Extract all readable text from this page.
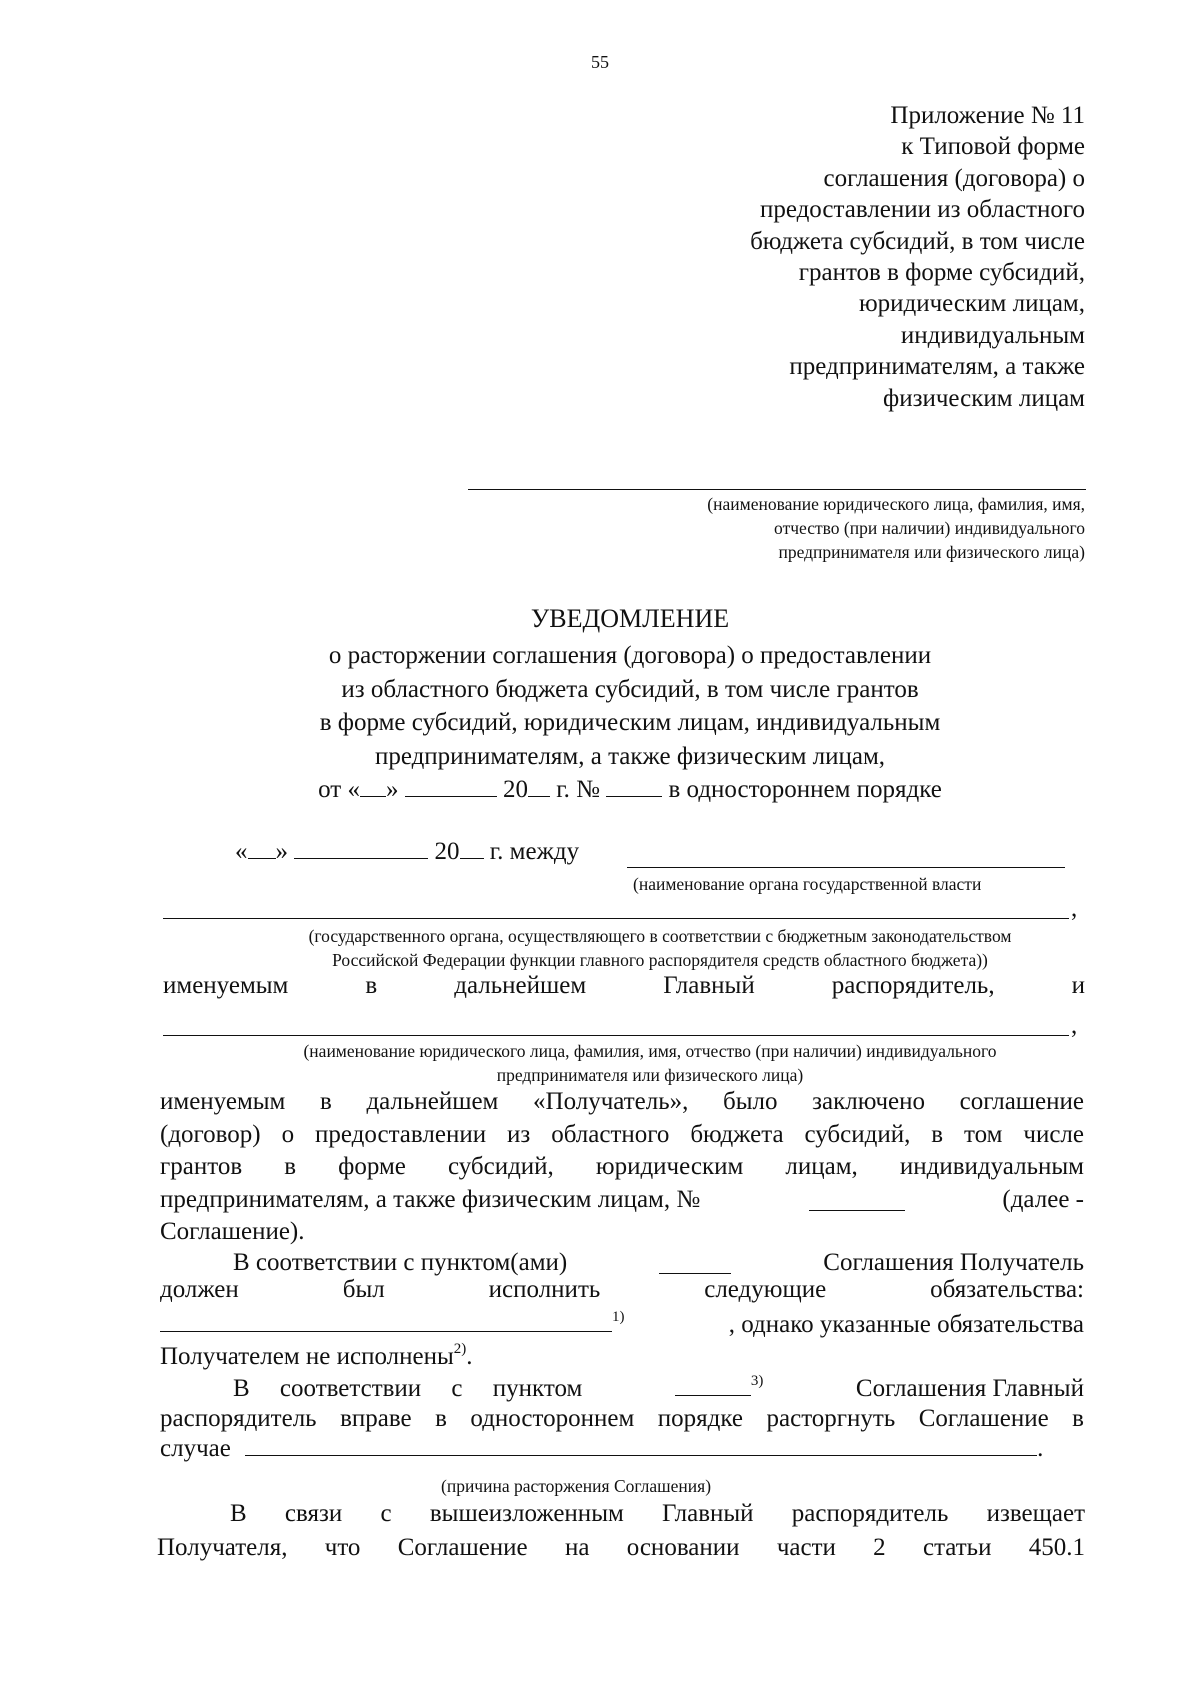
55
Приложение № 11
к Типовой форме
соглашения (договора) о
предоставлении из областного
бюджета субсидий, в том числе
грантов в форме субсидий,
юридическим лицам,
индивидуальным
предпринимателям, а также
физическим лицам
(наименование юридического лица, фамилия, имя,
отчество (при наличии) индивидуального
предпринимателя или физического лица)
УВЕДОМЛЕНИЕ
о расторжении соглашения (договора) о предоставлении
из областного бюджета субсидий, в том числе грантов
в форме субсидий, юридическим лицам, индивидуальным
предпринимателям, а также физическим лицам,
от « »	20 г. №	в одностороннем порядке
« »	20 г. между
(наименование органа государственной власти
,
(государственного органа, осуществляющего в соответствии с бюджетным законодательством
Российской Федерации функции главного распорядителя средств областного бюджета))
именуемым в дальнейшем Главный распорядитель, и
,
(наименование юридического лица, фамилия, имя, отчество (при наличии) индивидуального
предпринимателя или физического лица)
именуемым в дальнейшем «Получатель», было заключено соглашение
(договор) о предоставлении из областного бюджета субсидий, в том числе
грантов в форме субсидий, юридическим лицам, индивидуальным
предпринимателям, а также физическим лицам, №	(далее -
Соглашение).
В соответствии с пунктом(ами)	Соглашения Получатель
должен был исполнить следующие обязательства:
$^{1)}$	, однако указанные обязательства
Получателем не исполнены$^{2)}$.
В соответствии с пунктом	$^{3)}$	Соглашения Главный
распорядитель вправе в одностороннем порядке расторгнуть Соглашение в
случае	.
(причина расторжения Соглашения)
В связи с вышеизложенным Главный распорядитель извещает
Получателя, что Соглашение на основании части 2 статьи 450.1
